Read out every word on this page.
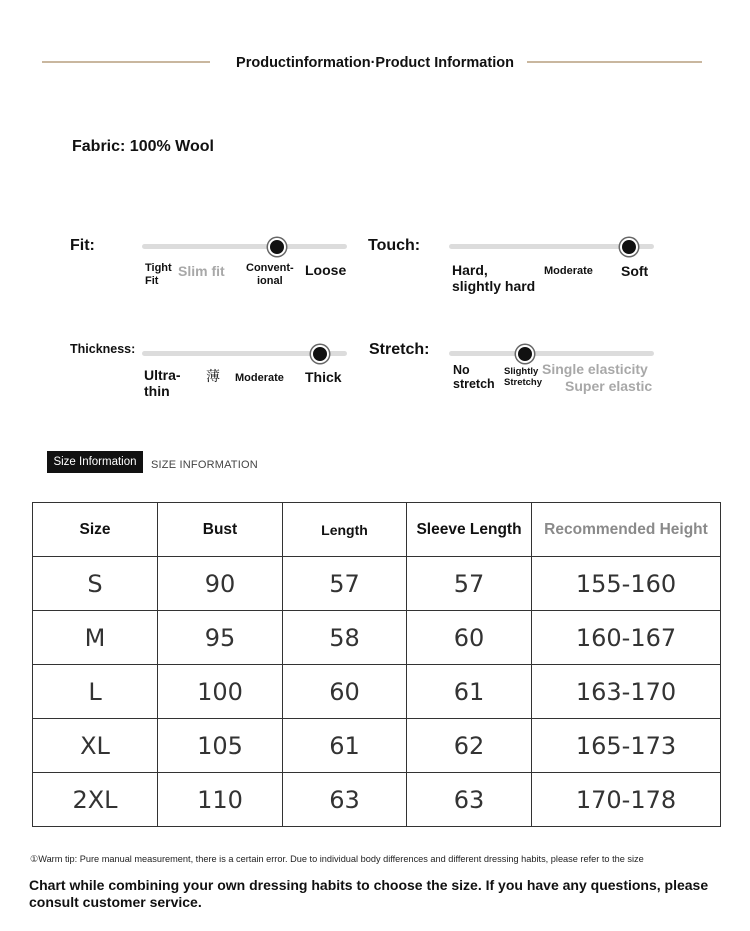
Productinformation·Product Information
Fabric: 100% Wool
Fit:
Tight
Fit
Slim fit Convent-
ional
Loose
Touch:
Hard,
slightly hard
Moderate Soft
Thickness:
Ultra-
thin
薄 Moderate Thick
Stretch:
No
stretch
Slightly
Stretchy
Single elasticity
Super elastic
Size Information	SIZE INFORMATION
Size	Bust	Length	Sleeve Length	Recommended Height
S	90	57	57	155-160
M	95	58	60	160-167
L	100	60	61	163-170
XL	105	61	62	165-173
2XL	110	63	63	170-178
①Warm tip: Pure manual measurement, there is a certain error. Due to individual body differences and different dressing habits, please refer to the size
Chart while combining your own dressing habits to choose the size. If you have any questions, please consult customer service.
